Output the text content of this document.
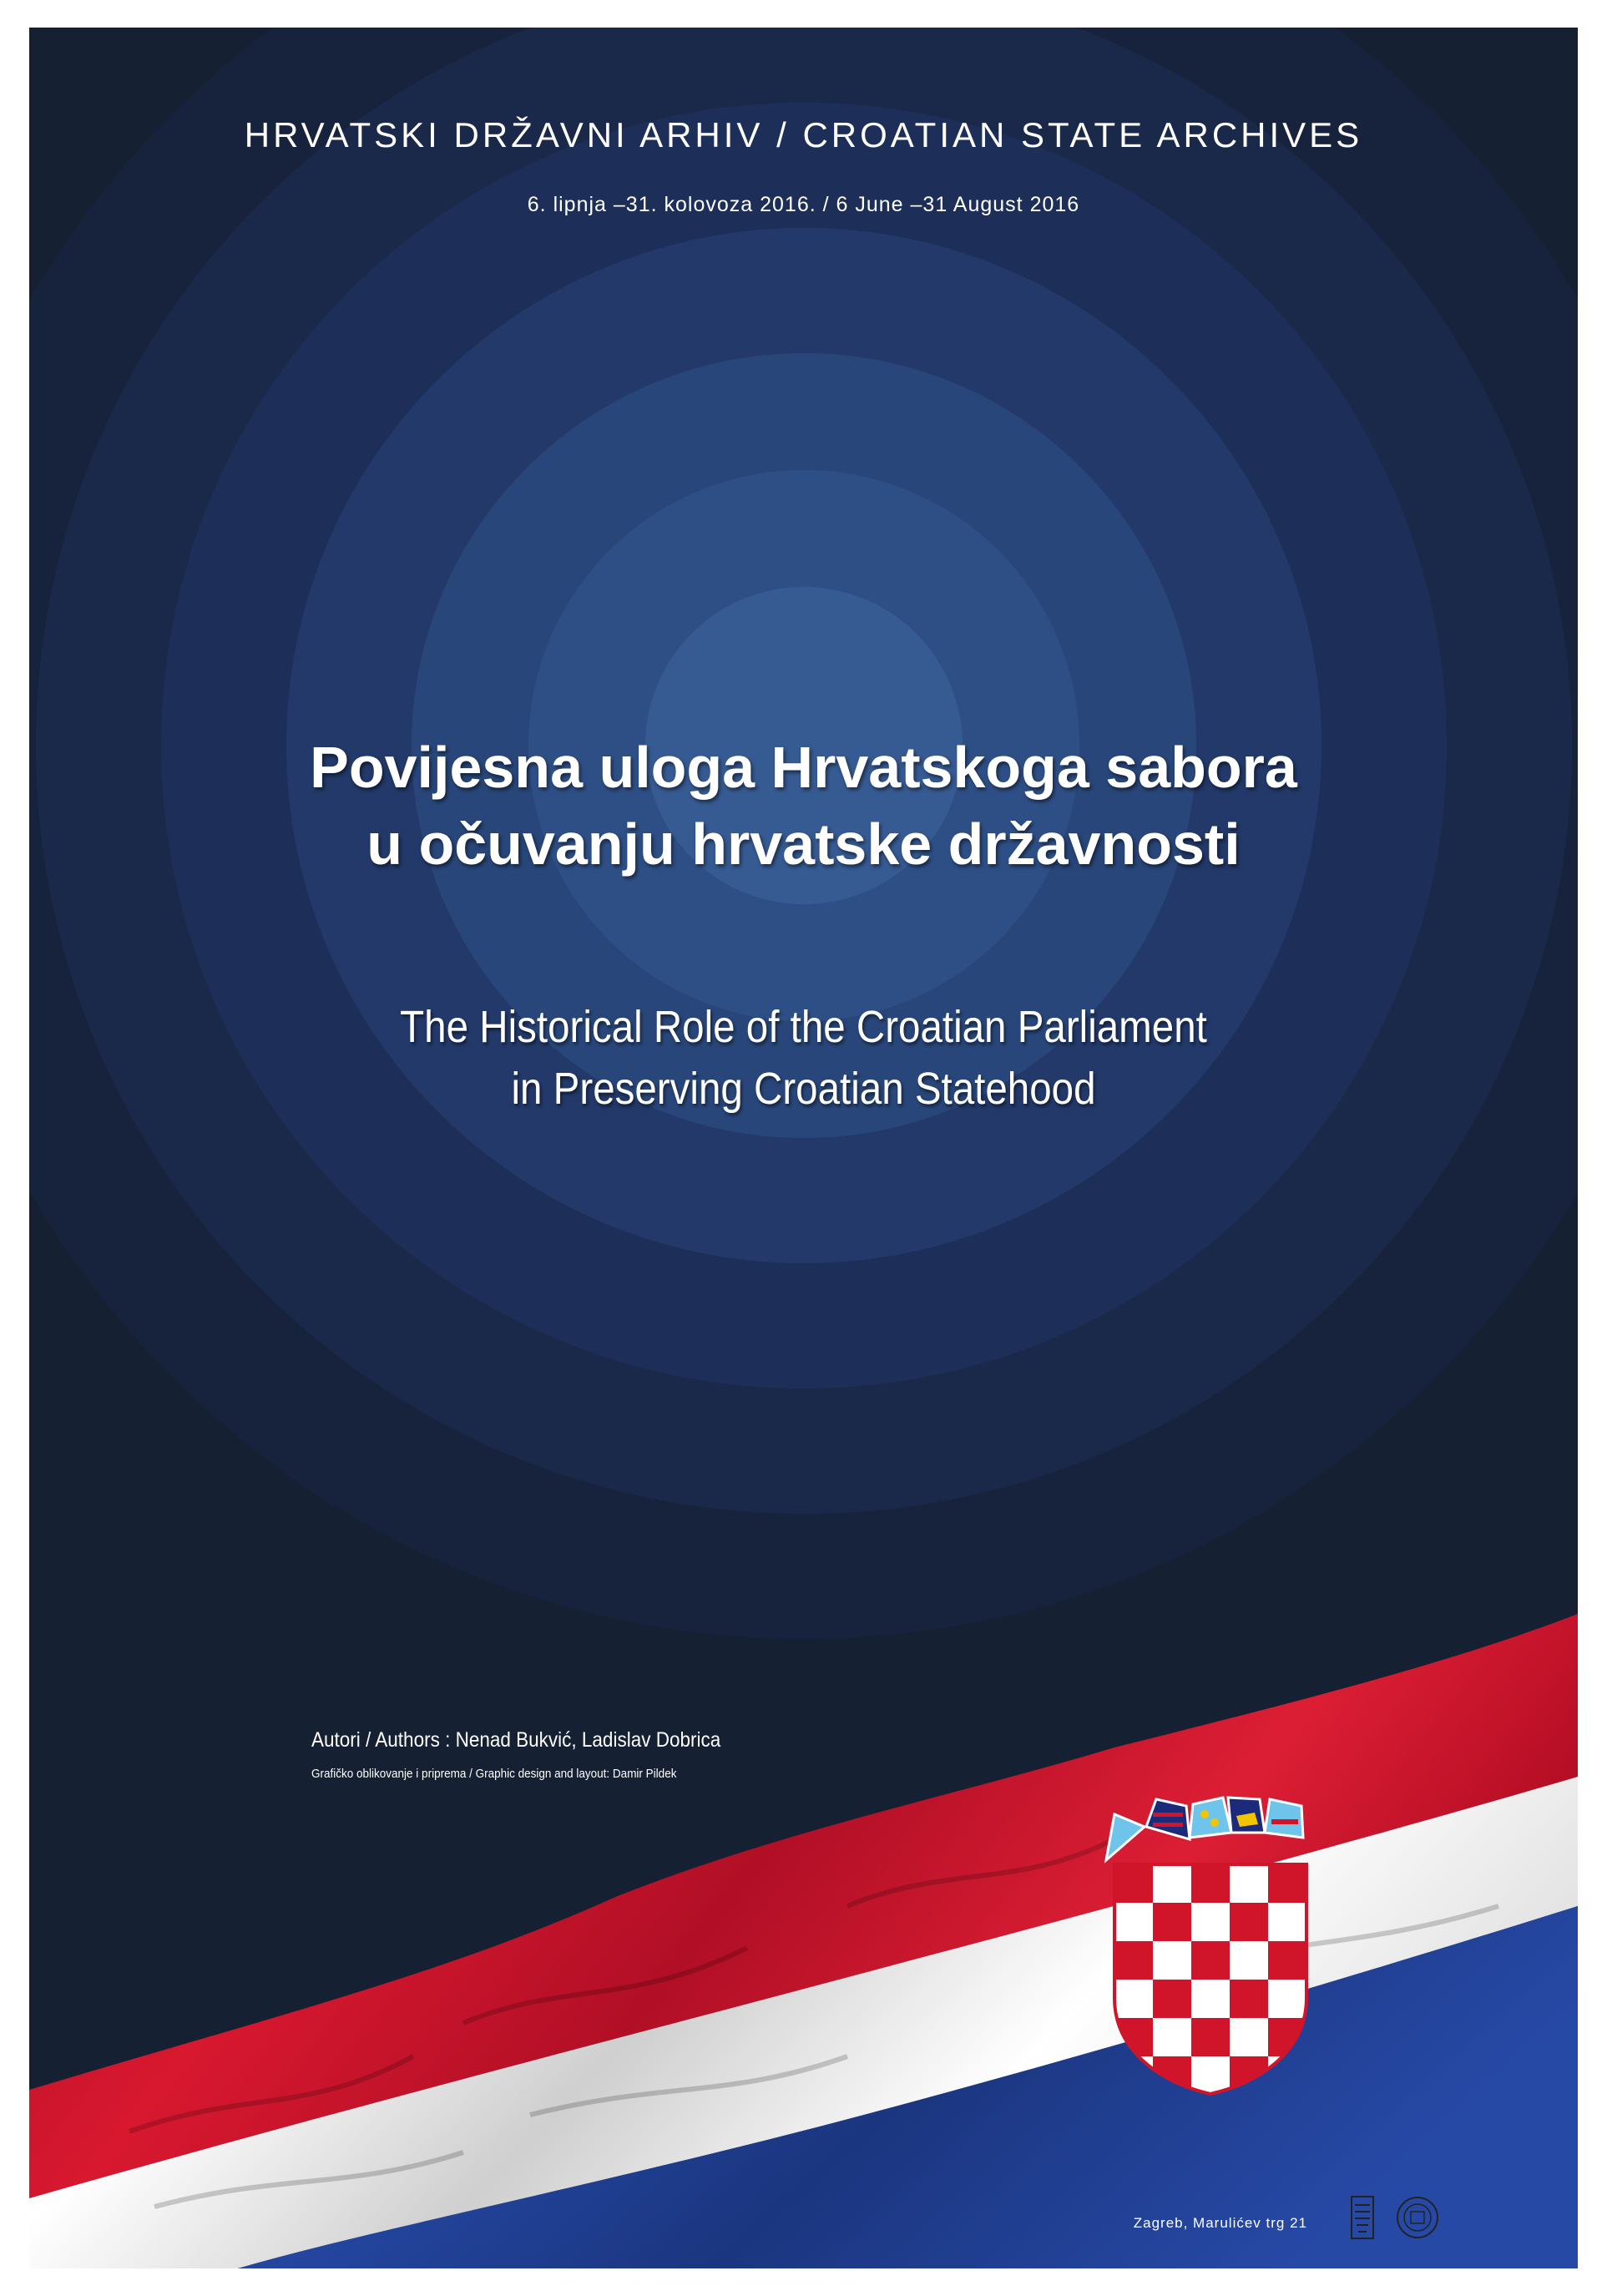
HRVATSKI DRŽAVNI ARHIV / CROATIAN STATE ARCHIVES
6. lipnja –31. kolovoza 2016. / 6 June –31 August 2016
Povijesna uloga Hrvatskoga sabora
u očuvanju hrvatske državnosti
The Historical Role of the Croatian Parliament
in Preserving Croatian Statehood
Autori / Authors : Nenad Bukvić, Ladislav Dobrica
Grafičko oblikovanje i priprema / Graphic design and layout: Damir Pildek
Zagreb, Marulićev trg 21
